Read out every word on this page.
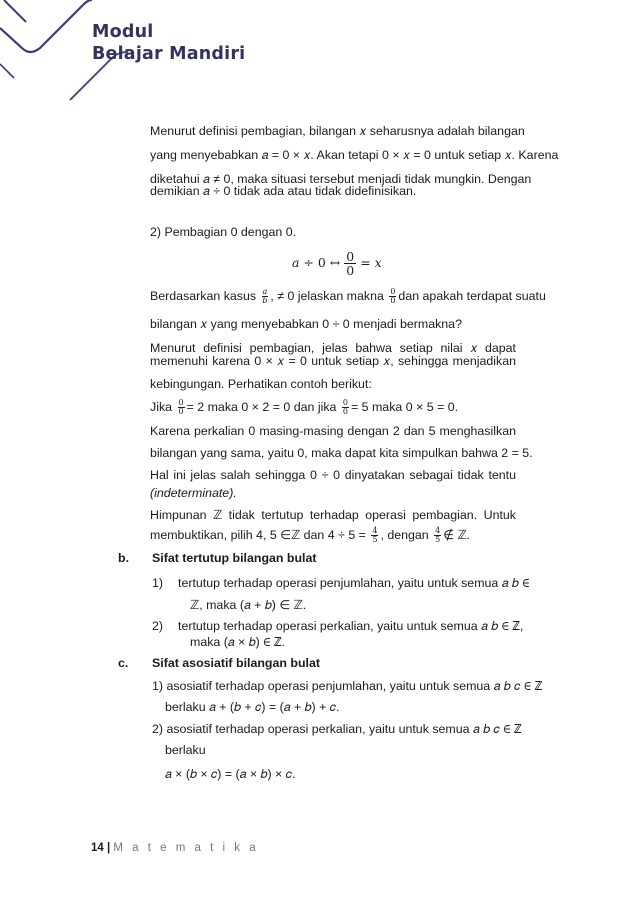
Modul
Belajar Mandiri
Menurut definisi pembagian, bilangan 𝑥 seharusnya adalah bilangan
yang menyebabkan 𝑎 = 0 × 𝑥. Akan tetapi 0 × 𝑥 = 0 untuk setiap 𝑥. Karena
diketahui 𝑎 ≠ 0, maka situasi tersebut menjadi tidak mungkin. Dengan
demikian 𝑎 ÷ 0 tidak ada atau tidak didefinisikan.
2) Pembagian 0 dengan 0.
𝑎 ÷ 0 ↔ $\frac{0}{0}$ = 𝑥
Berdasarkan kasus $\frac{\text{𝑎}}{\text{𝑏}}$ , ≠ 0 jelaskan makna $\frac{0}{0}$ dan apakah terdapat suatu
bilangan 𝑥 yang menyebabkan 0 ÷ 0 menjadi bermakna?
Menurut definisi pembagian, jelas bahwa setiap nilai 𝑥 dapat
memenuhi karena 0 × 𝑥 = 0 untuk setiap 𝑥, sehingga menjadikan
kebingungan. Perhatikan contoh berikut:
Jika $\frac{0}{0} = 2$ maka 0 × 2 = 0 dan jika $\frac{0}{0} = 5$ maka 0 × 5 = 0.
Karena perkalian 0 masing-masing dengan 2 dan 5 menghasilkan
bilangan yang sama, yaitu 0, maka dapat kita simpulkan bahwa 2 = 5.
Hal ini jelas salah sehingga 0 ÷ 0 dinyatakan sebagai tidak tentu
(indeterminate).
Himpunan ℤ tidak tertutup terhadap operasi pembagian. Untuk
membuktikan, pilih 4, 5 ∈ℤ dan $4 \div 5 = \frac{4}{5}$ , dengan $\frac{4}{5}$ ∉ ℤ.
b. Sifat tertutup bilangan bulat
1)	tertutup terhadap operasi penjumlahan, yaitu untuk semua 𝑎 𝑏 ∈
ℤ, maka (𝑎 + 𝑏) ∈ ℤ.
2)	tertutup terhadap operasi perkalian, yaitu untuk semua 𝑎 𝑏 ∈ ℤ,
maka (𝑎 × 𝑏) ∈ ℤ.
c. Sifat asosiatif bilangan bulat
1) asosiatif terhadap operasi penjumlahan, yaitu untuk semua 𝑎 𝑏 𝑐 ∈ ℤ
berlaku 𝑎 + (𝑏 + 𝑐) = (𝑎 + 𝑏) + 𝑐.
2) asosiatif terhadap operasi perkalian, yaitu untuk semua 𝑎 𝑏 𝑐 ∈ ℤ
berlaku
𝑎 × (𝑏 × 𝑐) = (𝑎 × 𝑏) × 𝑐.
14 | M a t e m a t i k a
